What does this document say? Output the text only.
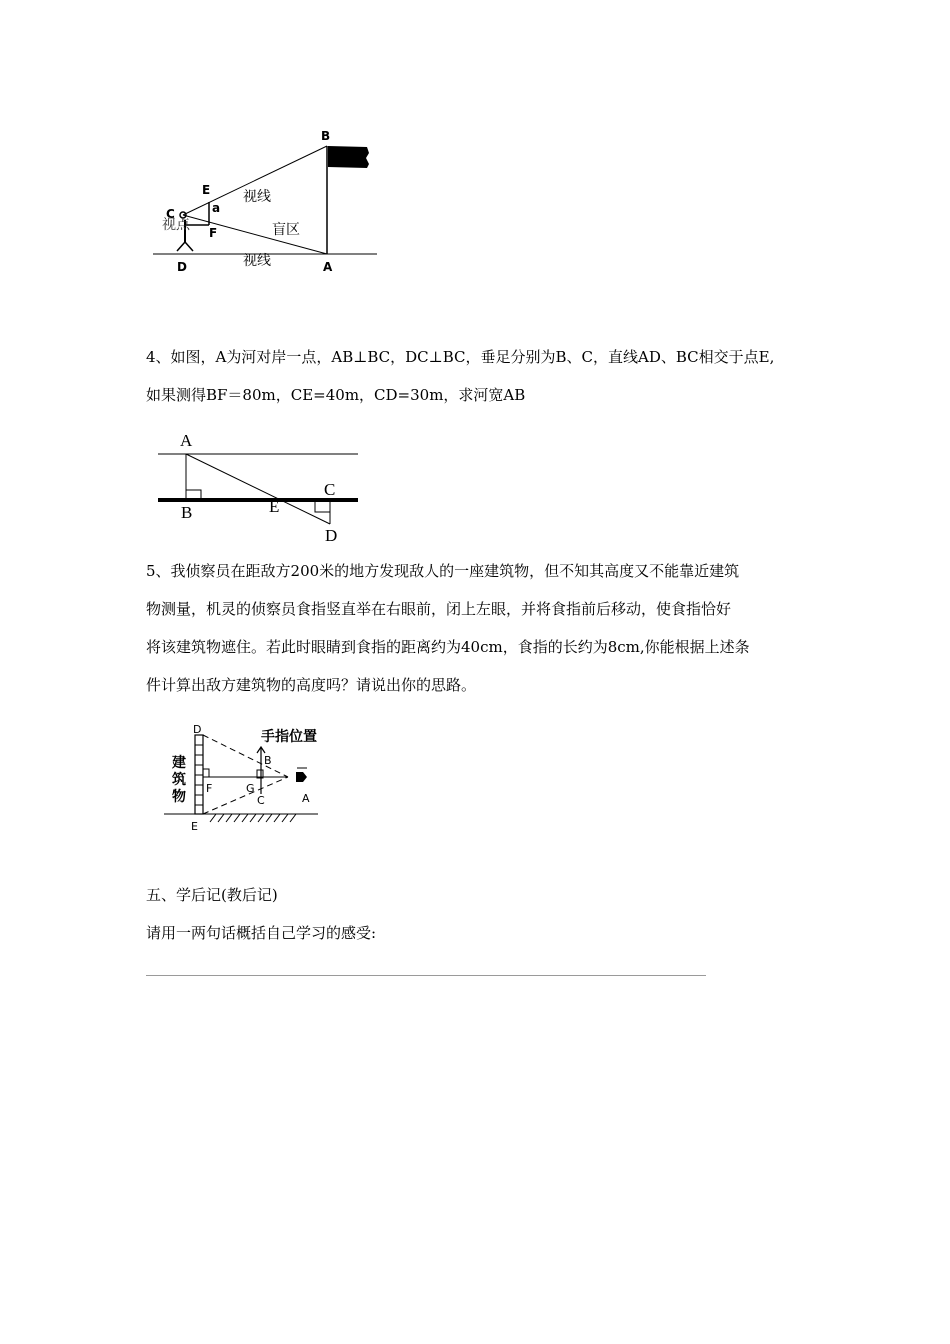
B
E
a
C
F
D	A
视线
视点	盲区
视线
4、如图，A为河对岸一点，AB⊥BC，DC⊥BC，垂足分别为B、C，直线AD、BC相交于点E,
如果测得BF＝80m，CE=40m，CD=30m，求河宽AB
A
B	E
C
D
5、我侦察员在距敌方200米的地方发现敌人的一座建筑物，但不知其高度又不能靠近建筑
物测量，机灵的侦察员食指竖直举在右眼前，闭上左眼，并将食指前后移动，使食指恰好
将该建筑物遮住。若此时眼睛到食指的距离约为40cm，食指的长约为8cm,你能根据上述条
件计算出敌方建筑物的高度吗？请说出你的思路。
手指位置
建
筑
物
D
B
F	G
C	A
E
五、学后记(教后记)
请用一两句话概括自己学习的感受:
